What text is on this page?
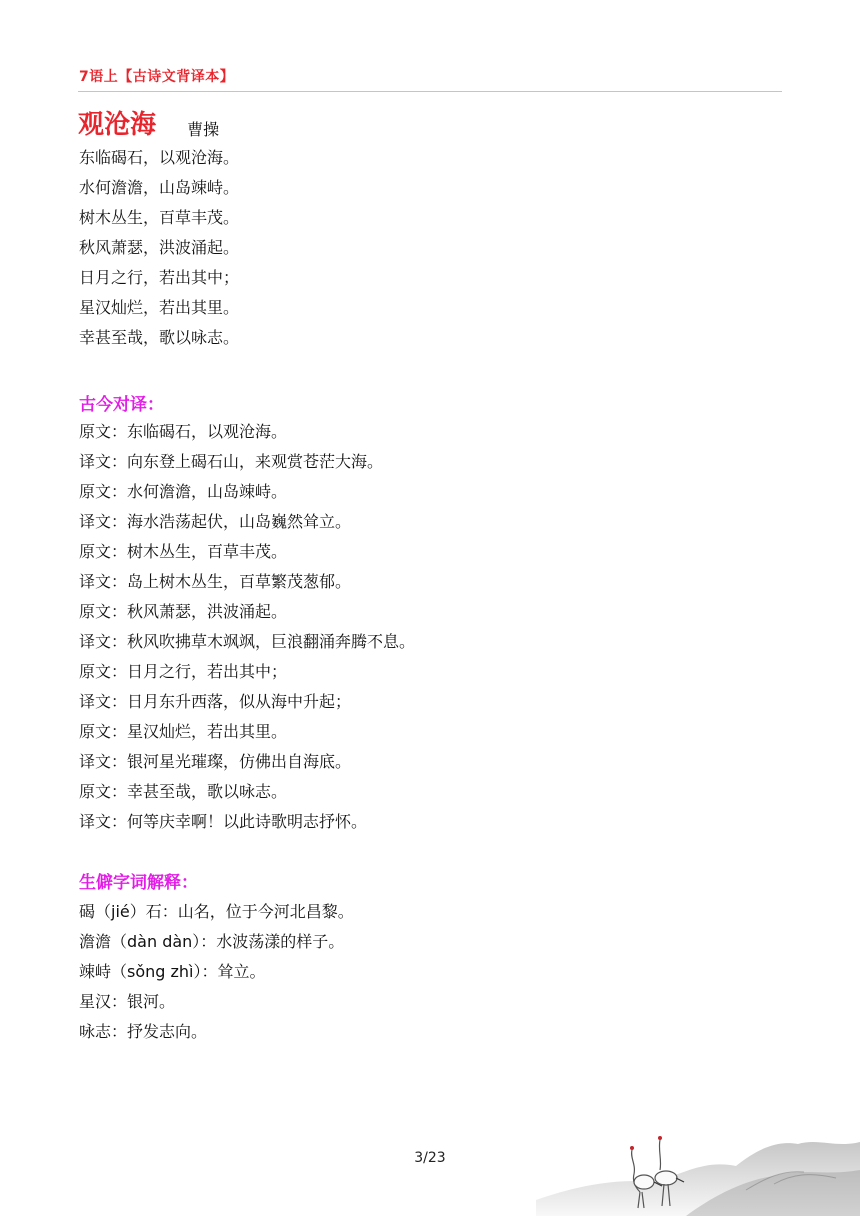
7语上【古诗文背译本】
观沧海 曹操
东临碣石，以观沧海。
水何澹澹，山岛竦峙。
树木丛生，百草丰茂。
秋风萧瑟，洪波涌起。
日月之行，若出其中；
星汉灿烂，若出其里。
幸甚至哉，歌以咏志。
古今对译：
原文：东临碣石，以观沧海。
译文：向东登上碣石山，来观赏苍茫大海。
原文：水何澹澹，山岛竦峙。
译文：海水浩荡起伏，山岛巍然耸立。
原文：树木丛生，百草丰茂。
译文：岛上树木丛生，百草繁茂葱郁。
原文：秋风萧瑟，洪波涌起。
译文：秋风吹拂草木飒飒，巨浪翻涌奔腾不息。
原文：日月之行，若出其中；
译文：日月东升西落，似从海中升起；
原文：星汉灿烂，若出其里。
译文：银河星光璀璨，仿佛出自海底。
原文：幸甚至哉，歌以咏志。
译文：何等庆幸啊！以此诗歌明志抒怀。
生僻字词解释：
碣（jié）石：山名，位于今河北昌黎。
澹澹（dàn dàn）：水波荡漾的样子。
竦峙（sǒng zhì）：耸立。
星汉：银河。
咏志：抒发志向。
3/23
